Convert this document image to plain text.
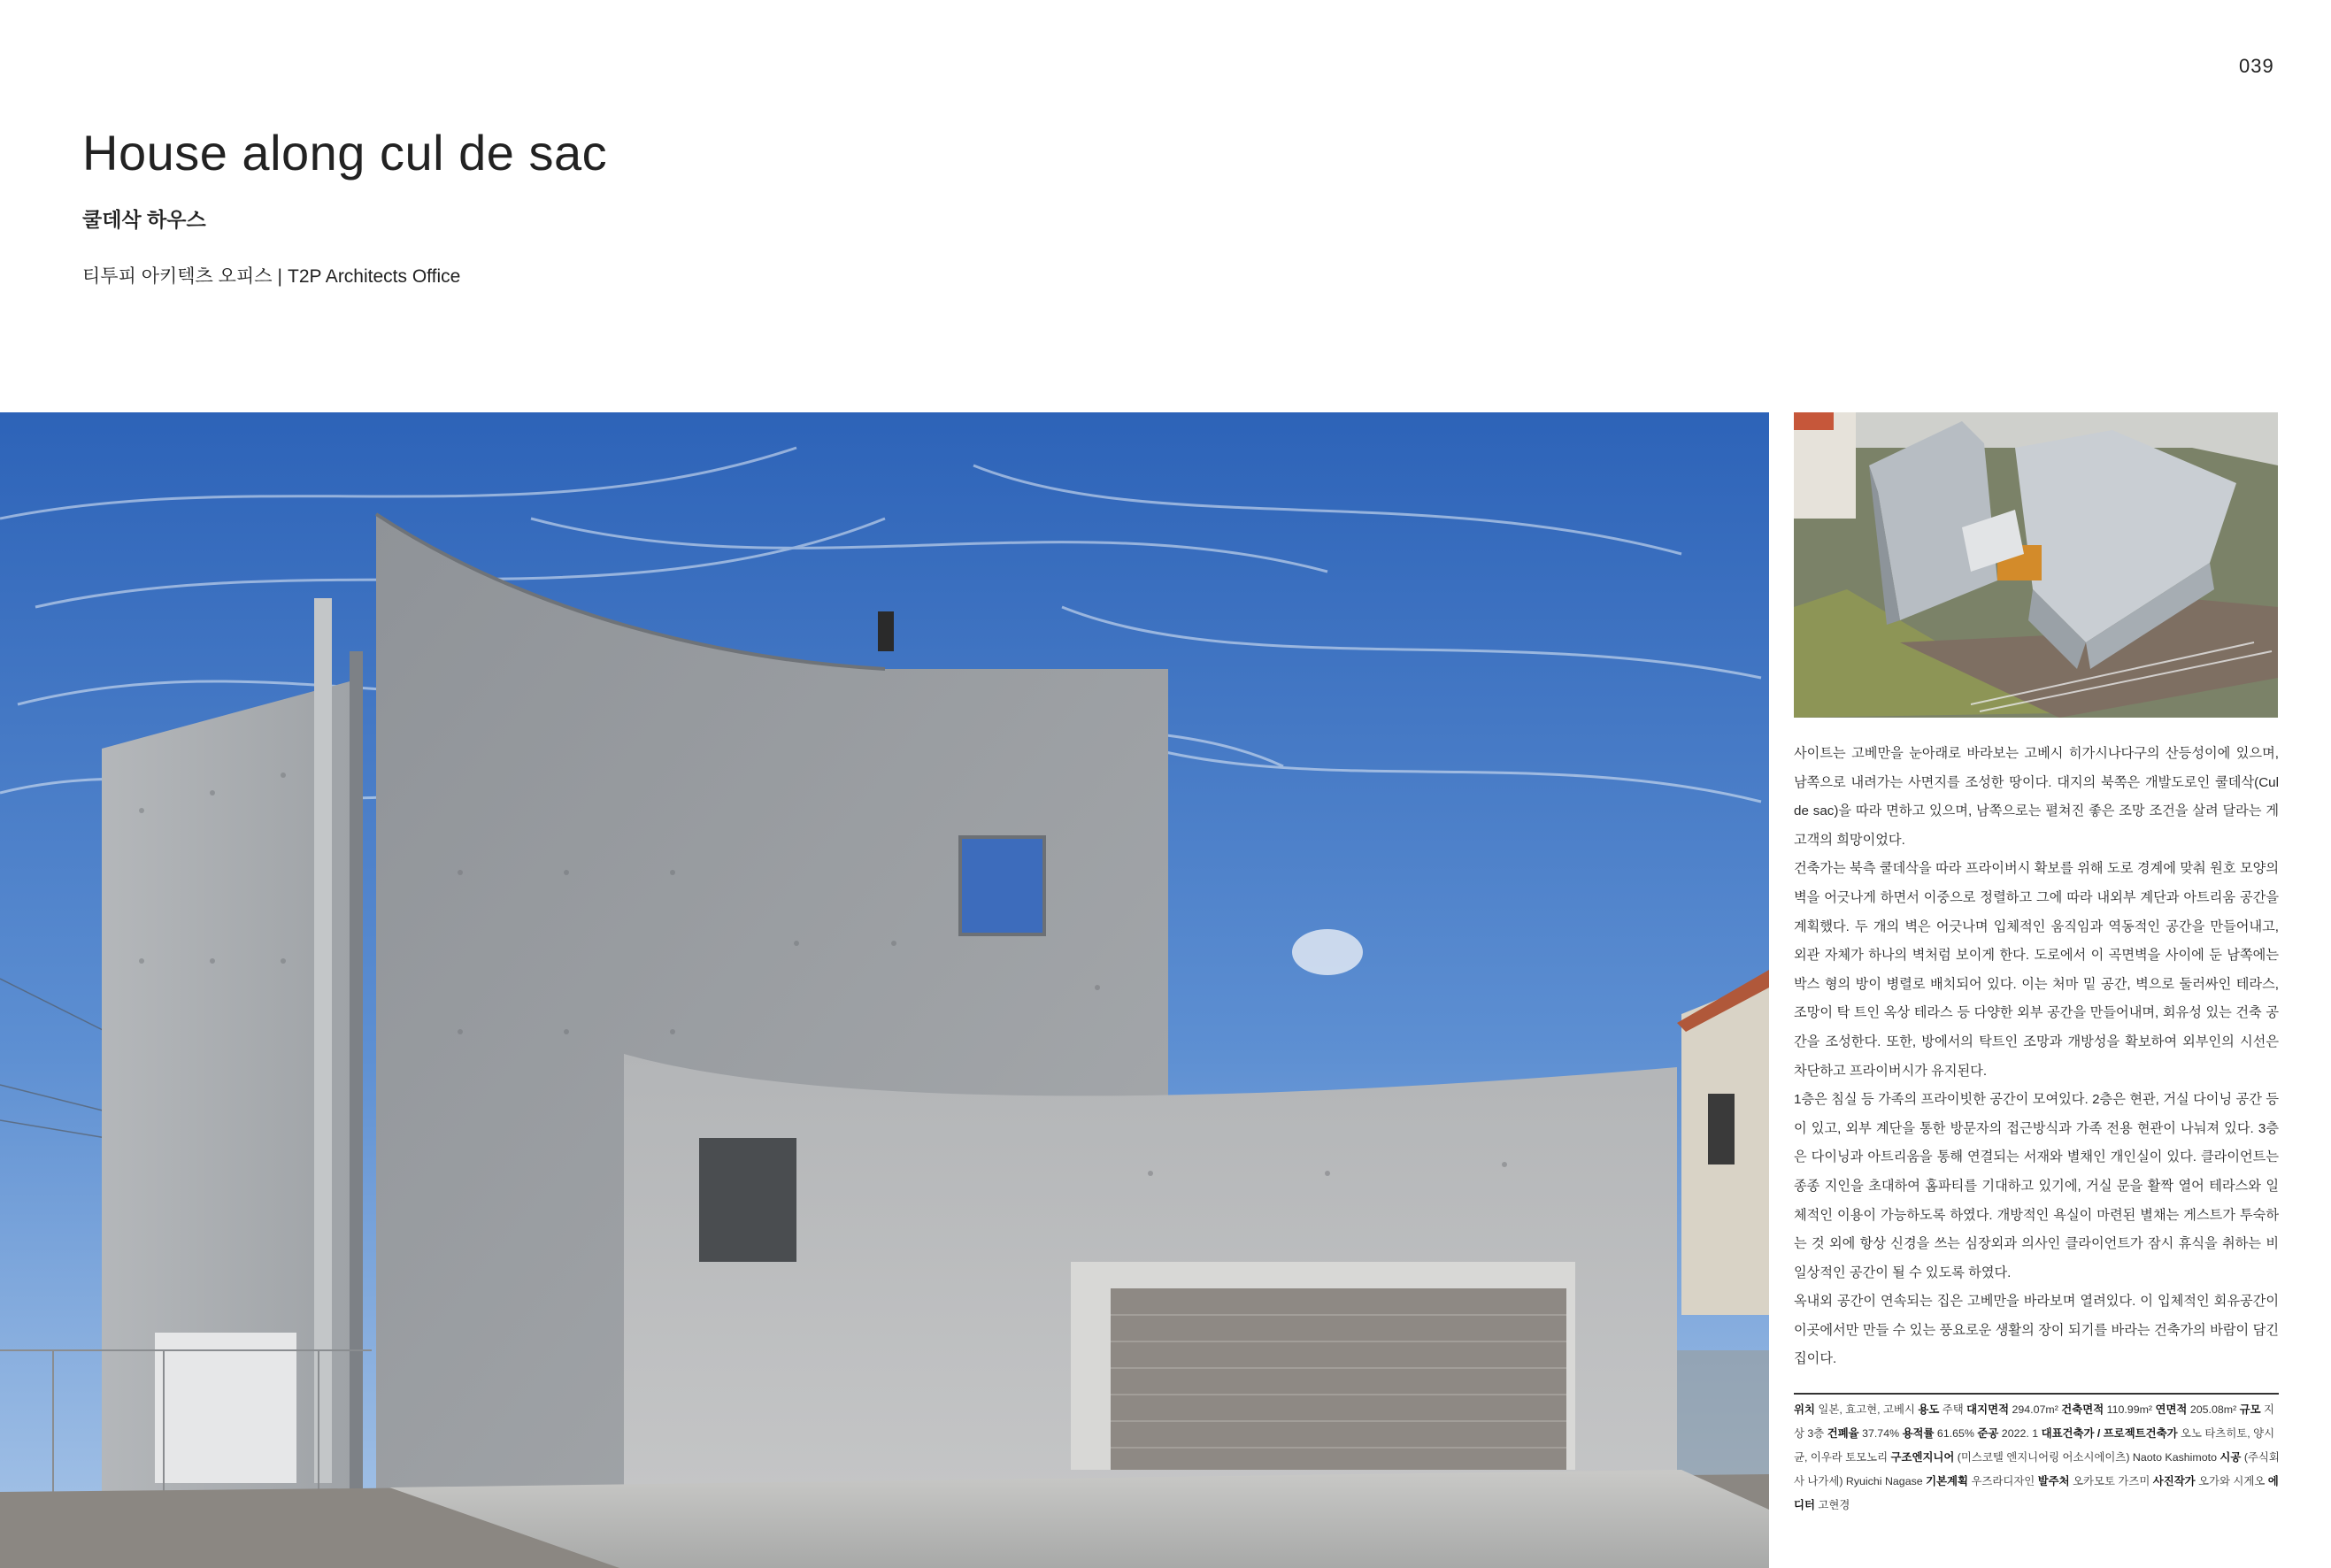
039
House along cul de sac
쿨데삭 하우스
티투피 아키텍츠 오피스 | T2P Architects Office

사이트는 고베만을 눈아래로 바라보는 고베시 히가시나다구의 산등성이에 있으며, 남쪽으로 내려가는 사면지를 조성한 땅이다. 대지의 북쪽은 개발도로인 쿨데삭(Cul de sac)을 따라 면하고 있으며, 남쪽으로는 펼쳐진 좋은 조망 조건을 살려 달라는 게 고객의 희망이었다.

건축가는 북측 쿨데삭을 따라 프라이버시 확보를 위해 도로 경계에 맞춰 원호 모양의 벽을 어긋나게 하면서 이중으로 정렬하고 그에 따라 내외부 계단과 아트리움 공간을 계획했다. 두 개의 벽은 어긋나며 입체적인 움직임과 역동적인 공간을 만들어내고, 외관 자체가 하나의 벽처럼 보이게 한다. 도로에서 이 곡면벽을 사이에 둔 남쪽에는 박스 형의 방이 병렬로 배치되어 있다. 이는 처마 밑 공간, 벽으로 둘러싸인 테라스, 조망이 탁 트인 옥상 테라스 등 다양한 외부 공간을 만들어내며, 회유성 있는 건축 공간을 조성한다. 또한, 방에서의 탁트인 조망과 개방성을 확보하여 외부인의 시선은 차단하고 프라이버시가 유지된다.

1층은 침실 등 가족의 프라이빗한 공간이 모여있다. 2층은 현관, 거실 다이닝 공간 등이 있고, 외부 계단을 통한 방문자의 접근방식과 가족 전용 현관이 나눠져 있다. 3층은 다이닝과 아트리움을 통해 연결되는 서재와 별채인 개인실이 있다. 클라이언트는 종종 지인을 초대하여 홈파티를 기대하고 있기에, 거실 문을 활짝 열어 테라스와 일체적인 이용이 가능하도록 하였다. 개방적인 욕실이 마련된 별채는 게스트가 투숙하는 것 외에 항상 신경을 쓰는 심장외과 의사인 클라이언트가 잠시 휴식을 취하는 비일상적인 공간이 될 수 있도록 하였다.

옥내외 공간이 연속되는 집은 고베만을 바라보며 열려있다. 이 입체적인 회유공간이 이곳에서만 만들 수 있는 풍요로운 생활의 장이 되기를 바라는 건축가의 바람이 담긴 집이다.

위치 일본, 효고현, 고베시 용도 주택 대지면적 294.07m² 건축면적 110.99m² 연면적 205.08m² 규모 지상 3층 건폐율 37.74% 용적률 61.65% 준공 2022. 1 대표건축가 / 프로젝트건축가 오노 타츠히토, 양시균, 이우라 토모노리 구조엔지니어 (미스코텔 엔지니어링 어소시에이츠) Naoto Kashimoto 시공 (주식회사 나가세) Ryuichi Nagase 기본계획 우즈라디자인 발주처 오카모토 가즈미 사진작가 오가와 시게오 에디터 고현경
